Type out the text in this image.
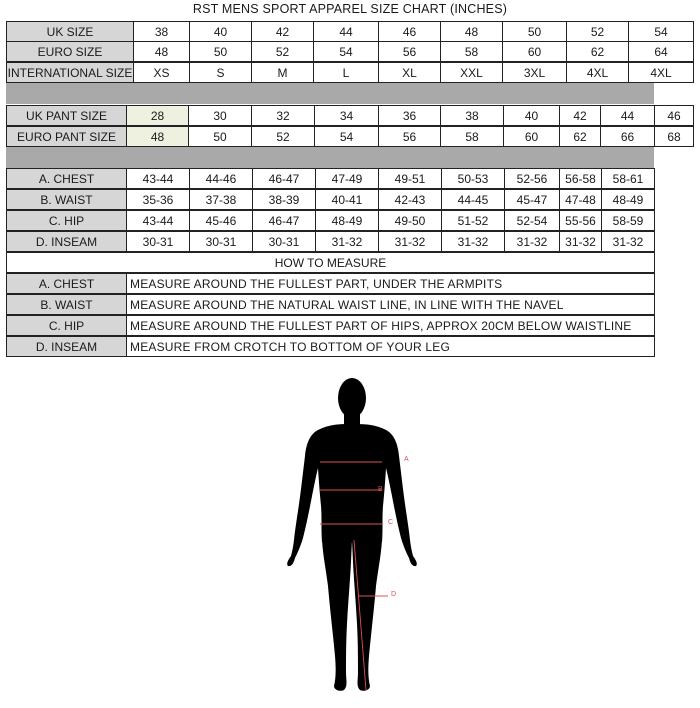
RST MENS SPORT APPAREL SIZE CHART (INCHES)
UK SIZE	38	40	42	44	46	48	50	52	54
EURO SIZE	48	50	52	54	56	58	60	62	64
INTERNATIONAL SIZE	XS	S	M	L	XL	XXL	3XL	4XL	4XL
UK PANT SIZE	28	30	32	34	36	38	40	42	44	46
EURO PANT SIZE	48	50	52	54	56	58	60	62	66	68
A. CHEST	43-44	44-46	46-47	47-49	49-51	50-53	52-56	56-58	58-61
B. WAIST	35-36	37-38	38-39	40-41	42-43	44-45	45-47	47-48	48-49
C. HIP	43-44	45-46	46-47	48-49	49-50	51-52	52-54	55-56	58-59
D. INSEAM	30-31	30-31	30-31	31-32	31-32	31-32	31-32	31-32	31-32
HOW TO MEASURE
A. CHEST	MEASURE AROUND THE FULLEST PART, UNDER THE ARMPITS
B. WAIST	MEASURE AROUND THE NATURAL WAIST LINE, IN LINE WITH THE NAVEL
C. HIP	MEASURE AROUND THE FULLEST PART OF HIPS, APPROX 20CM BELOW WAISTLINE
D. INSEAM	MEASURE FROM CROTCH TO BOTTOM OF YOUR LEG
A
B
C
D
